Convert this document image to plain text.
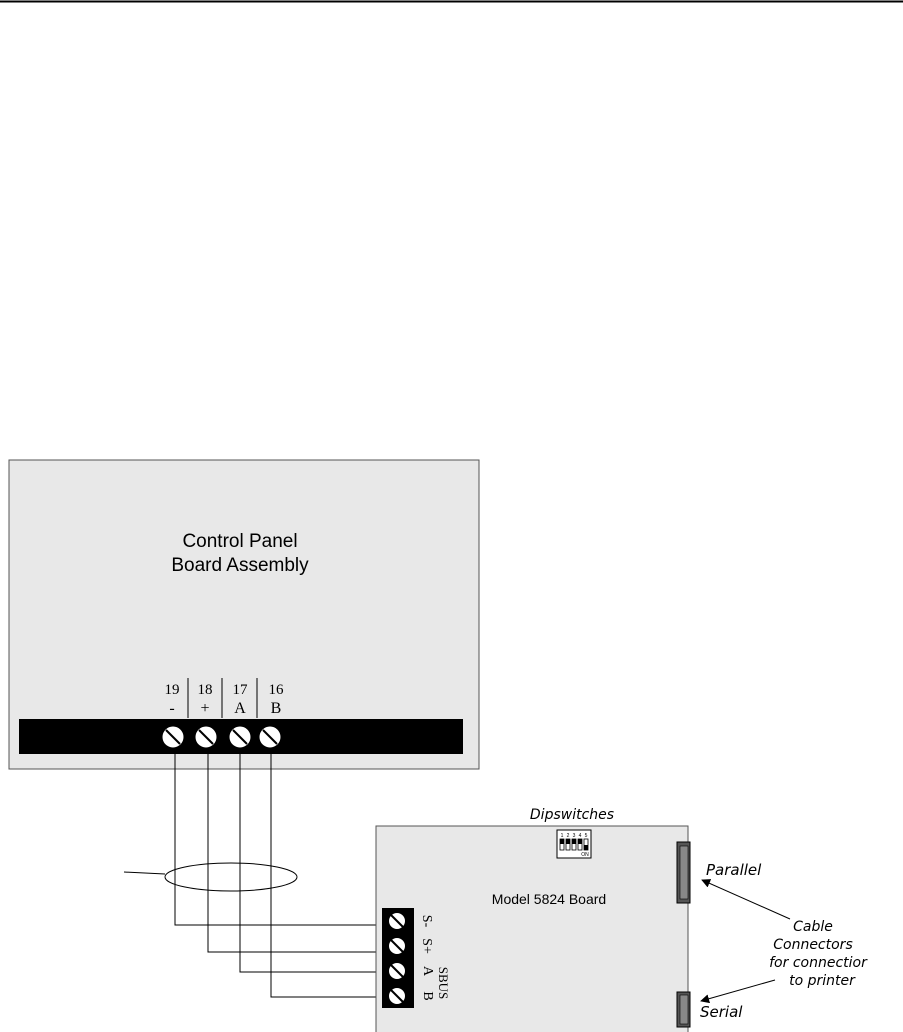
Control Panel
Board Assembly
19 18 17 16
- + A B
Model 5824 Board
Dipswitches
1 2 3 4 5
ON
S-
S+
SBUS
A
B
Parallel
Serial
Cable
Connectors
for connectior
to printer
